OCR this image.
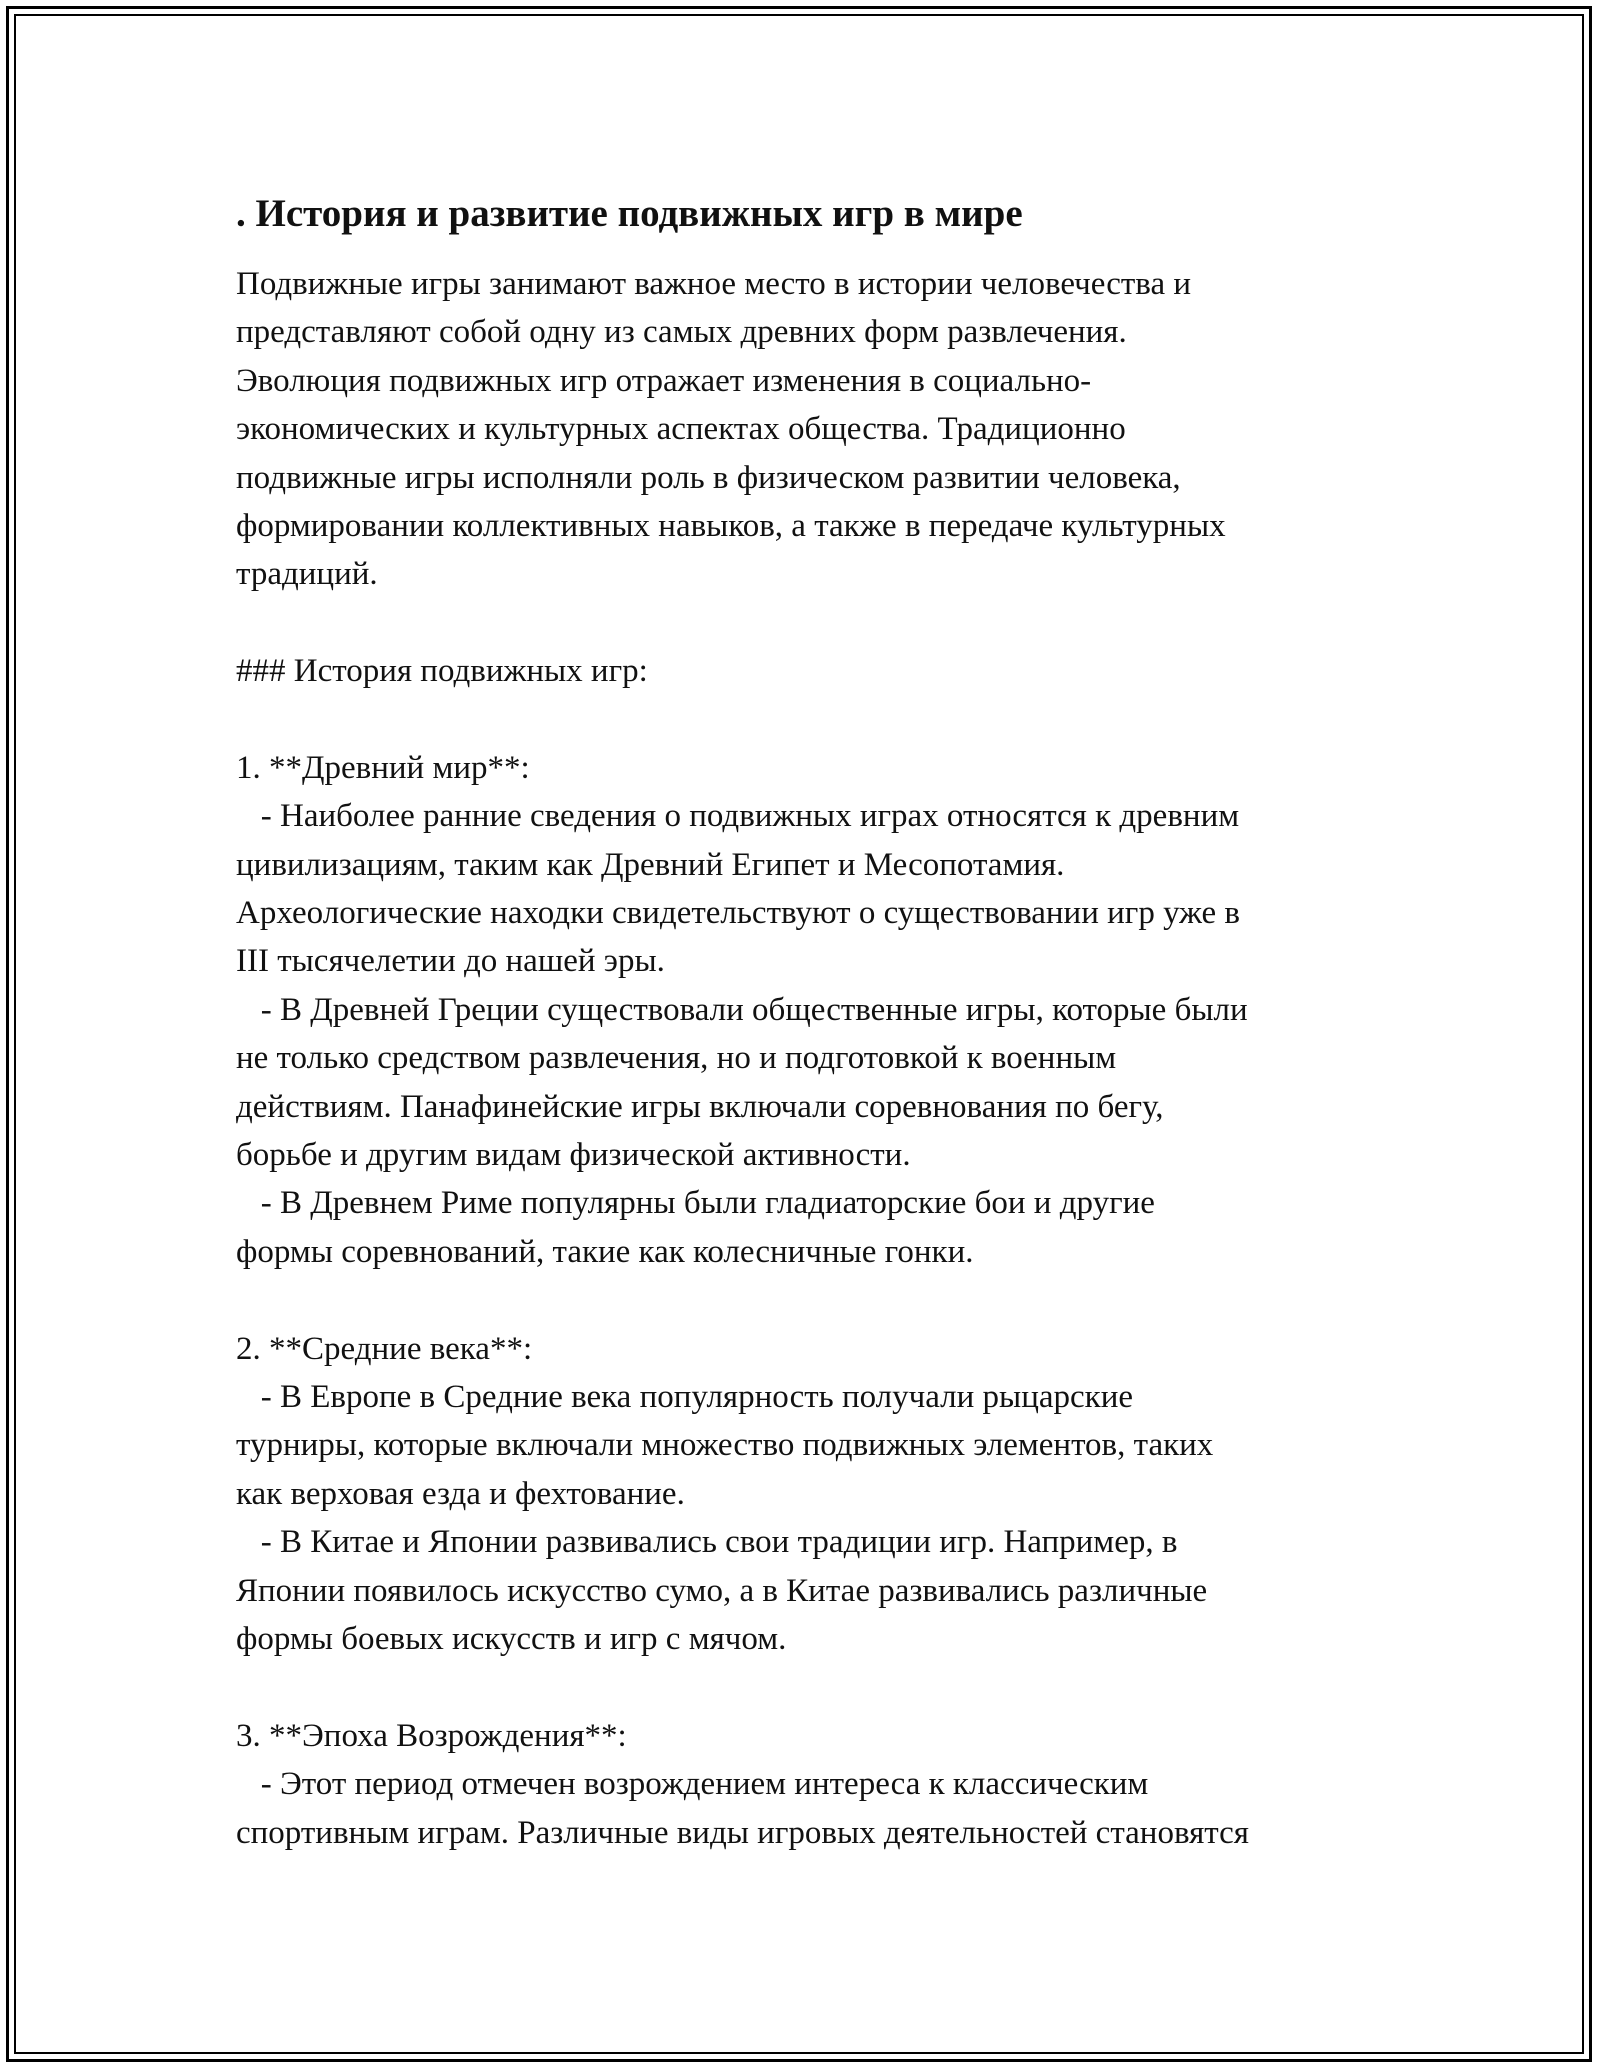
. История и развитие подвижных игр в мире

Подвижные игры занимают важное место в истории человечества и

представляют собой одну из самых древних форм развлечения.

Эволюция подвижных игр отражает изменения в социально-

экономических и культурных аспектах общества. Традиционно

подвижные игры исполняли роль в физическом развитии человека,

формировании коллективных навыков, а также в передаче культурных

традиций.

### История подвижных игр:

1. **Древний мир**:

- Наиболее ранние сведения о подвижных играх относятся к древним

цивилизациям, таким как Древний Египет и Месопотамия.

Археологические находки свидетельствуют о существовании игр уже в

III тысячелетии до нашей эры.

- В Древней Греции существовали общественные игры, которые были

не только средством развлечения, но и подготовкой к военным

действиям. Панафинейские игры включали соревнования по бегу,

борьбе и другим видам физической активности.

- В Древнем Риме популярны были гладиаторские бои и другие

формы соревнований, такие как колесничные гонки.

2. **Средние века**:

- В Европе в Средние века популярность получали рыцарские

турниры, которые включали множество подвижных элементов, таких

как верховая езда и фехтование.

- В Китае и Японии развивались свои традиции игр. Например, в

Японии появилось искусство сумо, а в Китае развивались различные

формы боевых искусств и игр с мячом.

3. **Эпоха Возрождения**:

- Этот период отмечен возрождением интереса к классическим

спортивным играм. Различные виды игровых деятельностей становятся
